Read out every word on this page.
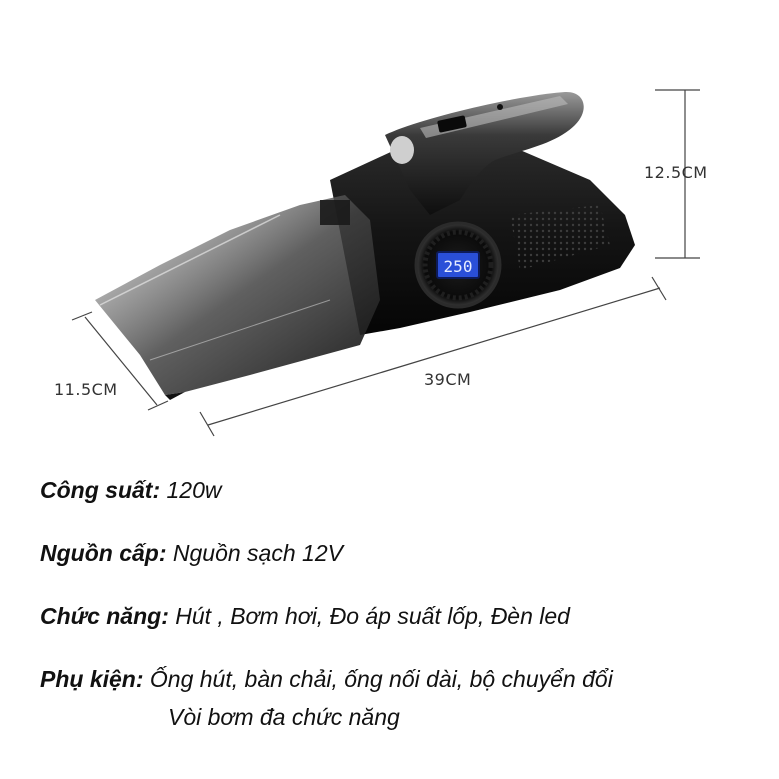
250
12.5CM
39CM
11.5CM
Công suất: 120w
Nguồn cấp: Nguồn sạch 12V
Chức năng: Hút , Bơm hơi, Đo áp suất lốp, Đèn led
Phụ kiện: Ống hút, bàn chải, ống nối dài, bộ chuyển đổi
Vòi bơm đa chức năng
